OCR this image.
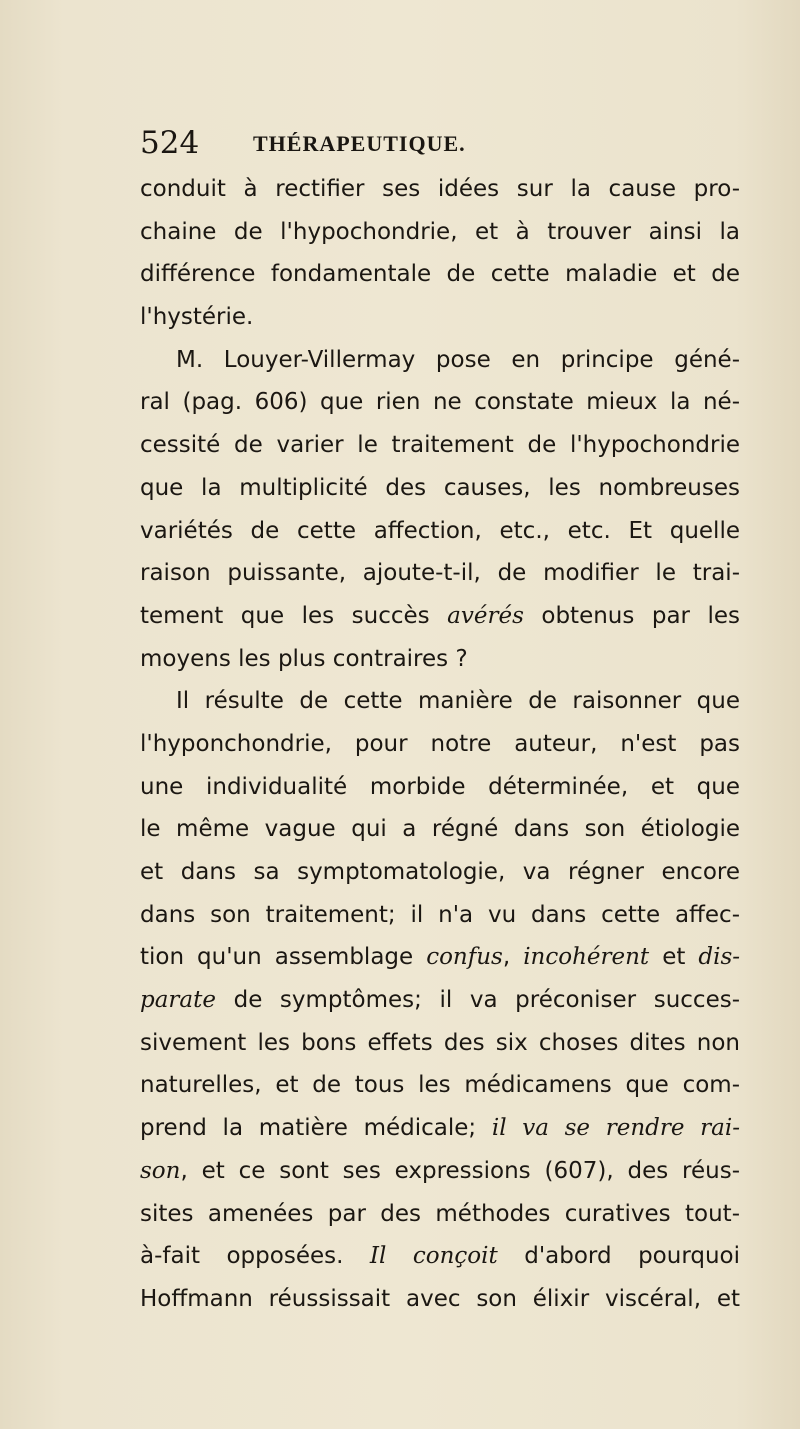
524 THÉRAPEUTIQUE.
conduit à rectifier ses idées sur la cause pro-
chaine de l'hypochondrie, et à trouver ainsi la
différence fondamentale de cette maladie et de
l'hystérie.
M. Louyer-Villermay pose en principe géné-
ral (pag. 606) que rien ne constate mieux la né-
cessité de varier le traitement de l'hypochondrie
que la multiplicité des causes, les nombreuses
variétés de cette affection, etc., etc. Et quelle
raison puissante, ajoute-t-il, de modifier le trai-
tement que les succès avérés obtenus par les
moyens les plus contraires ?
Il résulte de cette manière de raisonner que
l'hyponchondrie, pour notre auteur, n'est pas
une individualité morbide déterminée, et que
le même vague qui a régné dans son étiologie
et dans sa symptomatologie, va régner encore
dans son traitement; il n'a vu dans cette affec-
tion qu'un assemblage confus, incohérent et dis-
parate de symptômes; il va préconiser succes-
sivement les bons effets des six choses dites non
naturelles, et de tous les médicamens que com-
prend la matière médicale; il va se rendre rai-
son, et ce sont ses expressions (607), des réus-
sites amenées par des méthodes curatives tout-
à-fait opposées. Il conçoit d'abord pourquoi
Hoffmann réussissait avec son élixir viscéral, et
